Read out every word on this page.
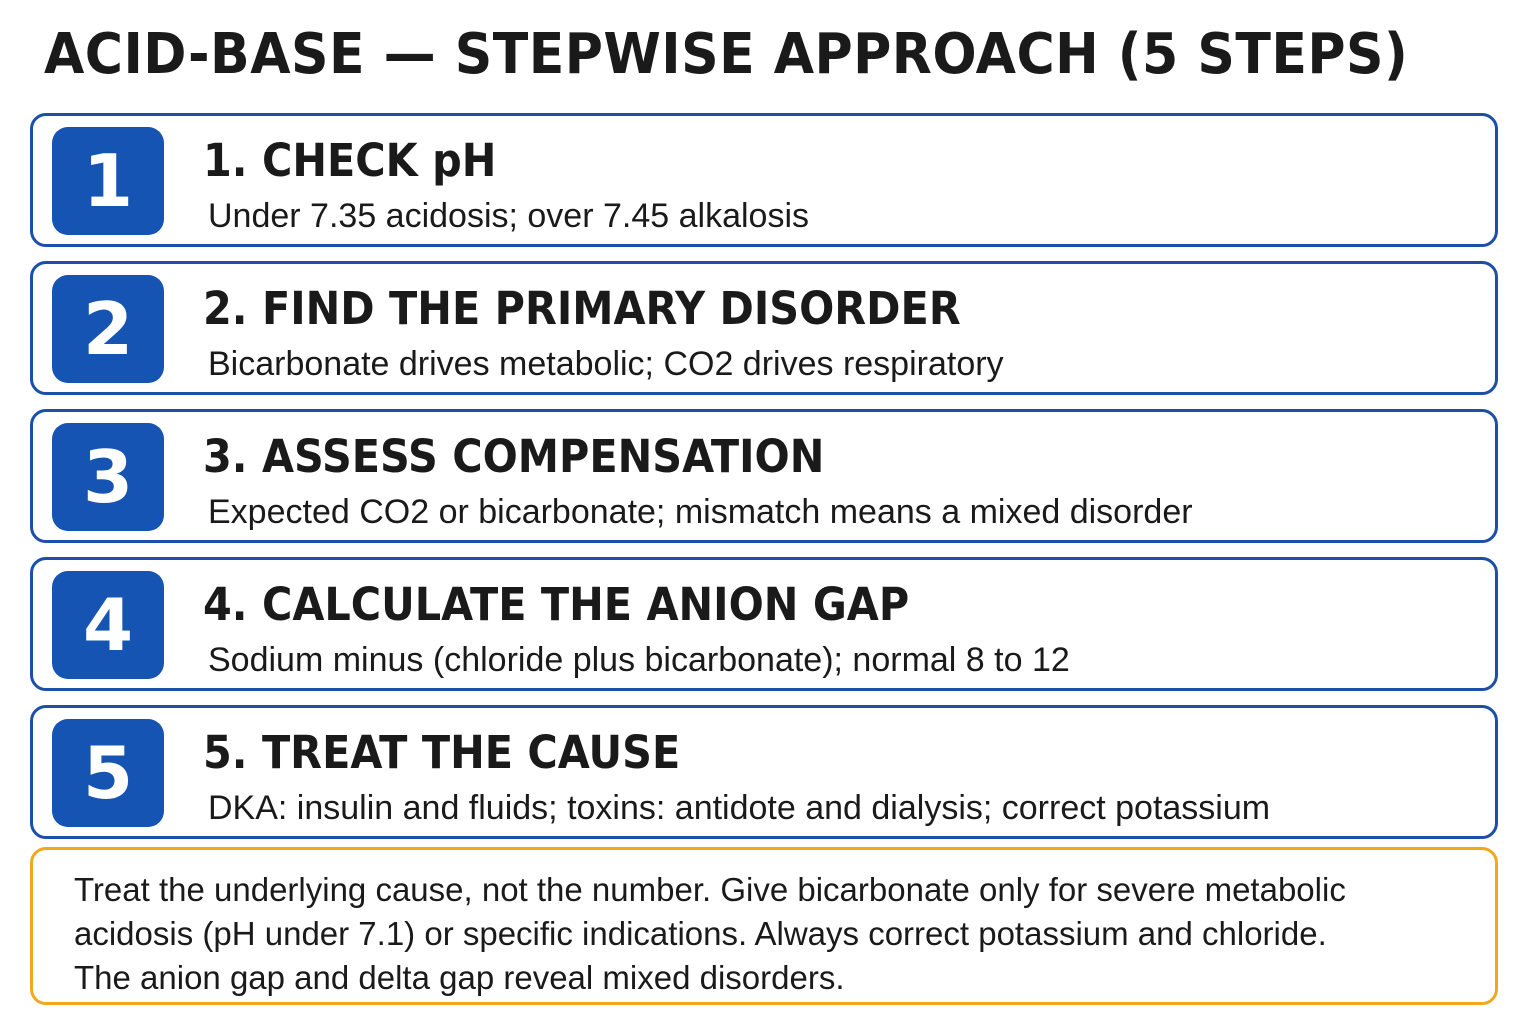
ACID-BASE — STEPWISE APPROACH (5 STEPS)
1	1. CHECK pH
Under 7.35 acidosis; over 7.45 alkalosis
2	2. FIND THE PRIMARY DISORDER
Bicarbonate drives metabolic; CO2 drives respiratory
3	3. ASSESS COMPENSATION
Expected CO2 or bicarbonate; mismatch means a mixed disorder
4	4. CALCULATE THE ANION GAP
Sodium minus (chloride plus bicarbonate); normal 8 to 12
5	5. TREAT THE CAUSE
DKA: insulin and fluids; toxins: antidote and dialysis; correct potassium
Treat the underlying cause, not the number. Give bicarbonate only for severe metabolic
acidosis (pH under 7.1) or specific indications. Always correct potassium and chloride.
The anion gap and delta gap reveal mixed disorders.
